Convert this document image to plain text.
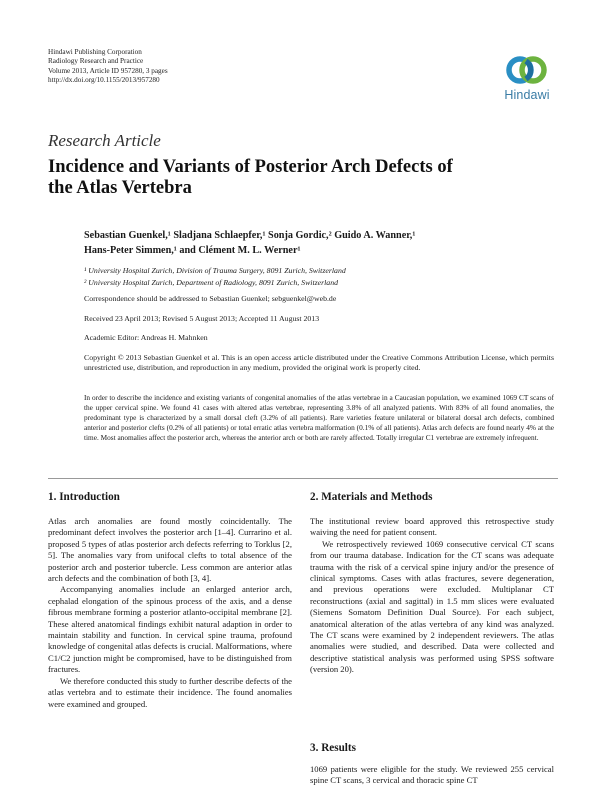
Hindawi Publishing Corporation
Radiology Research and Practice
Volume 2013, Article ID 957280, 3 pages
http://dx.doi.org/10.1155/2013/957280
Hindawi
Research Article
Incidence and Variants of Posterior Arch Defects of
the Atlas Vertebra
Sebastian Guenkel,¹ Sladjana Schlaepfer,¹ Sonja Gordic,² Guido A. Wanner,¹
Hans-Peter Simmen,¹ and Clément M. L. Werner¹
¹ University Hospital Zurich, Division of Trauma Surgery, 8091 Zurich, Switzerland
² University Hospital Zurich, Department of Radiology, 8091 Zurich, Switzerland
Correspondence should be addressed to Sebastian Guenkel; sebguenkel@web.de
Received 23 April 2013; Revised 5 August 2013; Accepted 11 August 2013
Academic Editor: Andreas H. Mahnken
Copyright © 2013 Sebastian Guenkel et al. This is an open access article distributed under the Creative Commons Attribution License, which permits unrestricted use, distribution, and reproduction in any medium, provided the original work is properly cited.
In order to describe the incidence and existing variants of congenital anomalies of the atlas vertebrae in a Caucasian population, we examined 1069 CT scans of the upper cervical spine. We found 41 cases with altered atlas vertebrae, representing 3.8% of all analyzed patients. With 83% of all found anomalies, the predominant type is characterized by a small dorsal cleft (3.2% of all patients). Rare varieties feature unilateral or bilateral dorsal arch defects, combined anterior and posterior clefts (0.2% of all patients) or total erratic atlas vertebra malformation (0.1% of all patients). Atlas arch defects are found nearly 4% at the time. Most anomalies affect the posterior arch, whereas the anterior arch or both are rarely affected. Totally irregular C1 vertebrae are extremely infrequent.
1. Introduction

Atlas arch anomalies are found mostly coincidentally. The predominant defect involves the posterior arch [1–4]. Currarino et al. proposed 5 types of atlas posterior arch defects referring to Torklus [2, 5]. The anomalies vary from unifocal clefts to total absence of the posterior arch and posterior tubercle. Less common are anterior atlas arch defects and the combination of both [3, 4].

Accompanying anomalies include an enlarged anterior arch, cephalad elongation of the spinous process of the axis, and a dense fibrous membrane forming a posterior atlanto-occipital membrane [2]. These altered anatomical findings exhibit natural adaption in order to maintain stability and function. In cervical spine trauma, profound knowledge of congenital atlas defects is crucial. Malformations, where C1/C2 junction might be compromised, have to be distinguished from fractures.

We therefore conducted this study to further describe defects of the atlas vertebra and to estimate their incidence. The found anomalies were examined and grouped.

2. Materials and Methods

The institutional review board approved this retrospective study waiving the need for patient consent.

We retrospectively reviewed 1069 consecutive cervical CT scans from our trauma database. Indication for the CT scans was adequate trauma with the risk of a cervical spine injury and/or the presence of clinical symptoms. Cases with atlas fractures, severe degeneration, and previous operations were excluded. Multiplanar CT reconstructions (axial and sagittal) in 1.5 mm slices were evaluated (Siemens Somatom Definition Dual Source). For each subject, anatomical alteration of the atlas vertebra of any kind was analyzed. The CT scans were examined by 2 independent reviewers. The atlas anomalies were studied, and described. Data were collected and descriptive statistical analysis was performed using SPSS software (version 20).

3. Results

1069 patients were eligible for the study. We reviewed 255 cervical spine CT scans, 3 cervical and thoracic spine CT
